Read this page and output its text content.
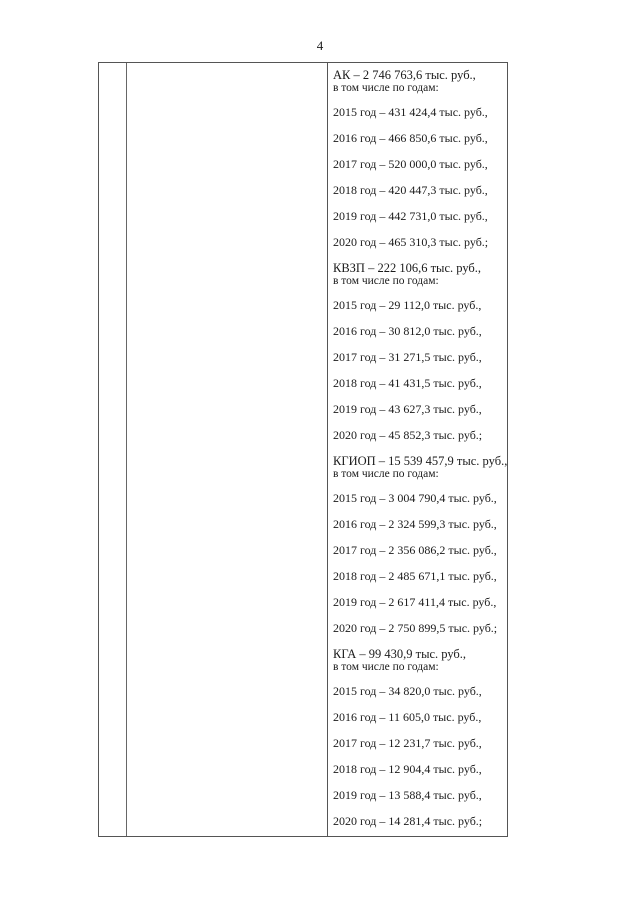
4
АК – 2 746 763,6 тыс. руб.,
в том числе по годам:
2015 год – 431 424,4 тыс. руб.,
2016 год – 466 850,6 тыс. руб.,
2017 год – 520 000,0 тыс. руб.,
2018 год – 420 447,3 тыс. руб.,
2019 год – 442 731,0 тыс. руб.,
2020 год – 465 310,3 тыс. руб.;
КВЗП – 222 106,6 тыс. руб.,
в том числе по годам:
2015 год – 29 112,0 тыс. руб.,
2016 год – 30 812,0 тыс. руб.,
2017 год – 31 271,5 тыс. руб.,
2018 год – 41 431,5 тыс. руб.,
2019 год – 43 627,3 тыс. руб.,
2020 год – 45 852,3 тыс. руб.;
КГИОП – 15 539 457,9 тыс. руб.,
в том числе по годам:
2015 год – 3 004 790,4 тыс. руб.,
2016 год – 2 324 599,3 тыс. руб.,
2017 год – 2 356 086,2 тыс. руб.,
2018 год – 2 485 671,1 тыс. руб.,
2019 год – 2 617 411,4 тыс. руб.,
2020 год – 2 750 899,5 тыс. руб.;
КГА – 99 430,9 тыс. руб.,
в том числе по годам:
2015 год – 34 820,0 тыс. руб.,
2016 год – 11 605,0 тыс. руб.,
2017 год – 12 231,7 тыс. руб.,
2018 год – 12 904,4 тыс. руб.,
2019 год – 13 588,4 тыс. руб.,
2020 год – 14 281,4 тыс. руб.;
